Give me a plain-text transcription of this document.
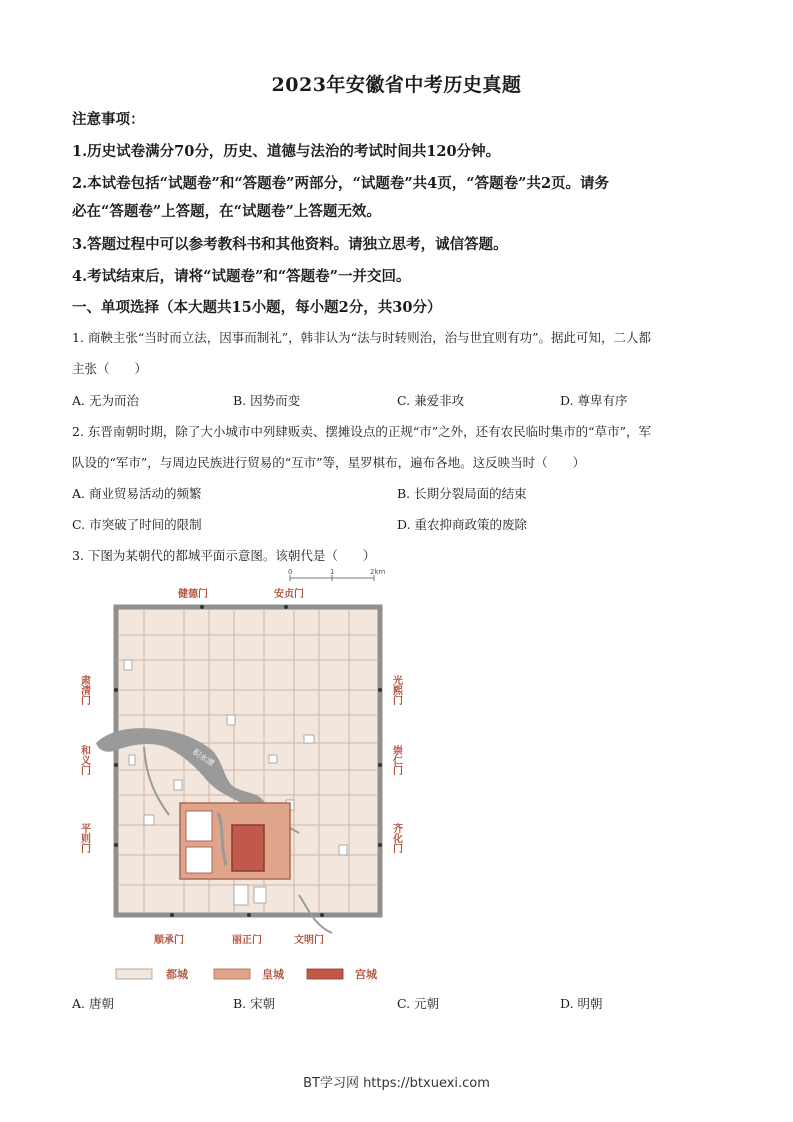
2023年安徽省中考历史真题
注意事项：
1.历史试卷满分70分，历史、道德与法治的考试时间共120分钟。
2.本试卷包括“试题卷”和“答题卷”两部分，“试题卷”共4页，“答题卷”共2页。请务
必在“答题卷”上答题，在“试题卷”上答题无效。
3.答题过程中可以参考教科书和其他资料。请独立思考，诚信答题。
4.考试结束后，请将“试题卷”和“答题卷”一并交回。
一、单项选择（本大题共15小题，每小题2分，共30分）
1. 商鞅主张“当时而立法，因事而制礼”，韩非认为“法与时转则治，治与世宜则有功”。据此可知，二人都
主张（　　）
A. 无为而治	B. 因势而变	C. 兼爱非攻	D. 尊卑有序
2. 东晋南朝时期，除了大小城市中列肆贩卖、摆摊设点的正规“市”之外，还有农民临时集市的“草市”，军
队设的“军市”，与周边民族进行贸易的“互市”等，星罗棋布，遍布各地。这反映当时（　　）
A. 商业贸易活动的频繁	B. 长期分裂局面的结束
C. 市突破了时间的限制	D. 重农抑商政策的废除
3. 下图为某朝代的都城平面示意图。该朝代是（　　）
0	1	2km
积水潭
健德门	安贞门
文明门
顺承门	丽正门
肃清门
和义门
平则门
光熙门
崇仁门
齐化门
都城	皇城	宫城
A. 唐朝	B. 宋朝	C. 元朝	D. 明朝
BT学习网 https://btxuexi.com
